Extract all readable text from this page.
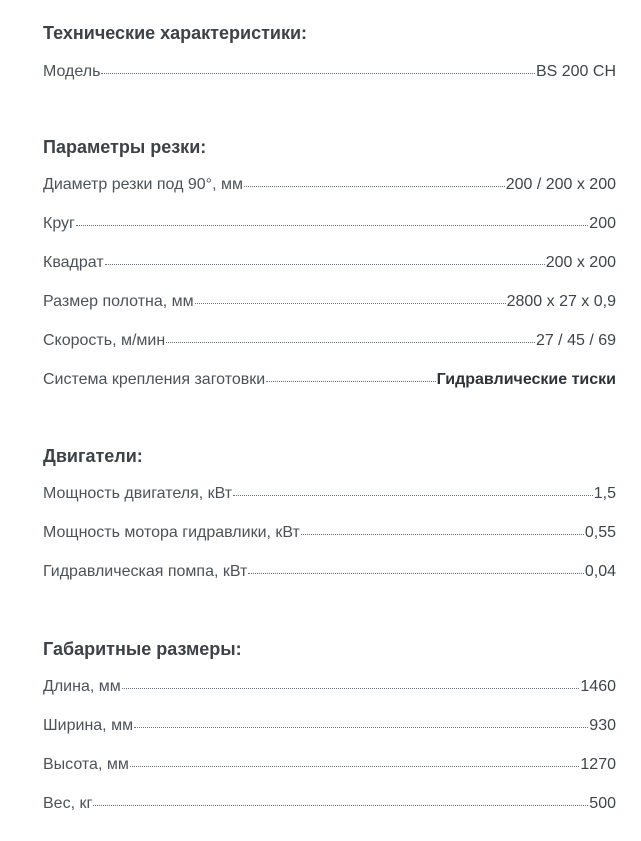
Технические характеристики:
Модель	BS 200 CH
Параметры резки:
Диаметр резки под 90°, мм	200 / 200 x 200
Круг	200
Квадрат	200 x 200
Размер полотна, мм	2800 х 27 х 0,9
Скорость, м/мин	27 / 45 / 69
Система крепления заготовки	Гидравлические тиски
Двигатели:
Мощность двигателя, кВт	1,5
Мощность мотора гидравлики, кВт	0,55
Гидравлическая помпа, кВт	0,04
Габаритные размеры:
Длина, мм	1460
Ширина, мм	930
Высота, мм	1270
Вес, кг	500
